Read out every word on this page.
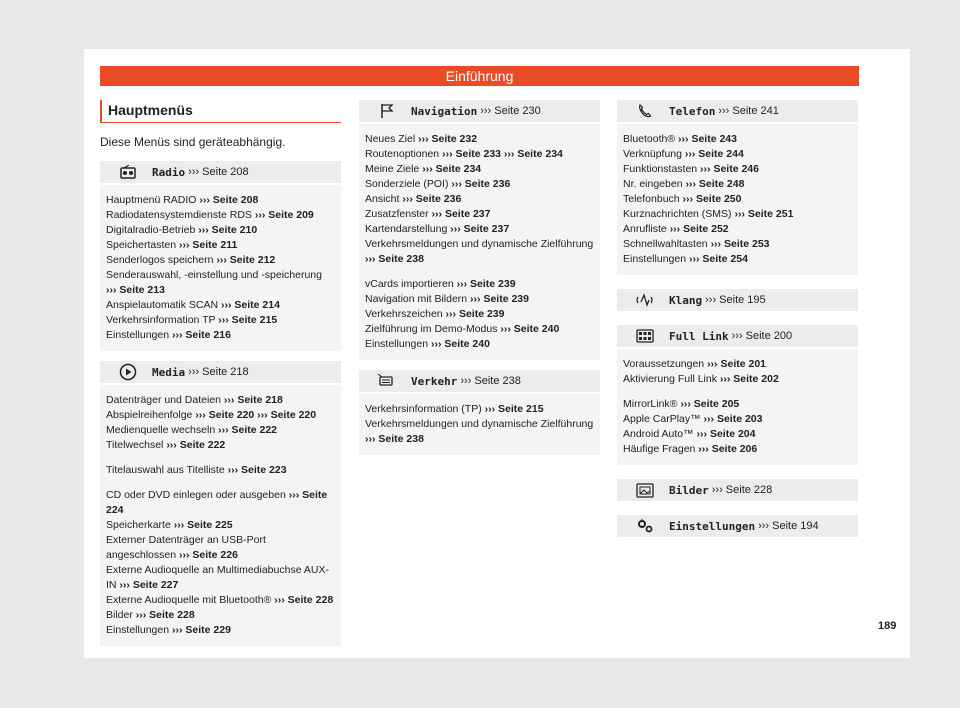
Einführung
Hauptmenüs

Diese Menüs sind geräteabhängig.

Radio ››› Seite 208
Hauptmenü RADIO ››› Seite 208
Radiodatensystemdienste RDS ››› Seite 209
Digitalradio-Betrieb ››› Seite 210
Speichertasten ››› Seite 211
Senderlogos speichern ››› Seite 212
Senderauswahl, -einstellung und -speicherung ››› Seite 213
Anspielautomatik SCAN ››› Seite 214
Verkehrsinformation TP ››› Seite 215
Einstellungen ››› Seite 216
Media ››› Seite 218
Datenträger und Dateien ››› Seite 218
Abspielreihenfolge ››› Seite 220 ››› Seite 220
Medienquelle wechseln ››› Seite 222
Titelwechsel ››› Seite 222
Titelauswahl aus Titelliste ››› Seite 223
CD oder DVD einlegen oder ausgeben ››› Seite 224
Speicherkarte ››› Seite 225
Externer Datenträger an USB-Port angeschlossen ››› Seite 226
Externe Audioquelle an Multimediabuchse AUX-IN ››› Seite 227
Externe Audioquelle mit Bluetooth® ››› Seite 228
Bilder ››› Seite 228
Einstellungen ››› Seite 229
Navigation ››› Seite 230
Neues Ziel ››› Seite 232
Routenoptionen ››› Seite 233 ››› Seite 234
Meine Ziele ››› Seite 234
Sonderziele (POI) ››› Seite 236
Ansicht ››› Seite 236
Zusatzfenster ››› Seite 237
Kartendarstellung ››› Seite 237
Verkehrsmeldungen und dynamische Zielführung ››› Seite 238
vCards importieren ››› Seite 239
Navigation mit Bildern ››› Seite 239
Verkehrszeichen ››› Seite 239
Zielführung im Demo-Modus ››› Seite 240
Einstellungen ››› Seite 240
Verkehr ››› Seite 238
Verkehrsinformation (TP) ››› Seite 215
Verkehrsmeldungen und dynamische Zielführung ››› Seite 238
Telefon ››› Seite 241
Bluetooth® ››› Seite 243
Verknüpfung ››› Seite 244
Funktionstasten ››› Seite 246
Nr. eingeben ››› Seite 248
Telefonbuch ››› Seite 250
Kurznachrichten (SMS) ››› Seite 251
Anrufliste ››› Seite 252
Schnellwahltasten ››› Seite 253
Einstellungen ››› Seite 254
Klang ››› Seite 195
Full Link ››› Seite 200
Voraussetzungen ››› Seite 201
Aktivierung Full Link ››› Seite 202
MirrorLink® ››› Seite 205
Apple CarPlay™ ››› Seite 203
Android Auto™ ››› Seite 204
Häufige Fragen ››› Seite 206
Bilder ››› Seite 228
Einstellungen ››› Seite 194
189
